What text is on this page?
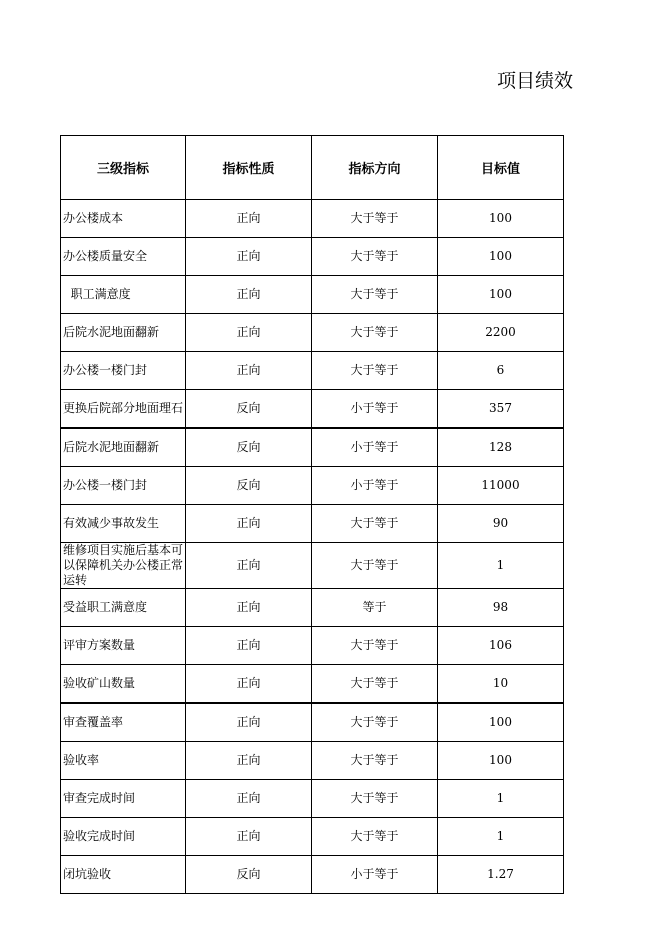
项目绩效
三级指标	指标性质	指标方向	目标值
办公楼成本	正向	大于等于	100
办公楼质量安全	正向	大于等于	100
职工满意度	正向	大于等于	100
后院水泥地面翻新	正向	大于等于	2200
办公楼一楼门封	正向	大于等于	6
更换后院部分地面理石	反向	小于等于	357
后院水泥地面翻新	反向	小于等于	128
办公楼一楼门封	反向	小于等于	11000
有效减少事故发生	正向	大于等于	90
维修项目实施后基本可以保障机关办公楼正常运转	正向	大于等于	1
受益职工满意度	正向	等于	98
评审方案数量	正向	大于等于	106
验收矿山数量	正向	大于等于	10
审查覆盖率	正向	大于等于	100
验收率	正向	大于等于	100
审查完成时间	正向	大于等于	1
验收完成时间	正向	大于等于	1
闭坑验收	反向	小于等于	1.27
